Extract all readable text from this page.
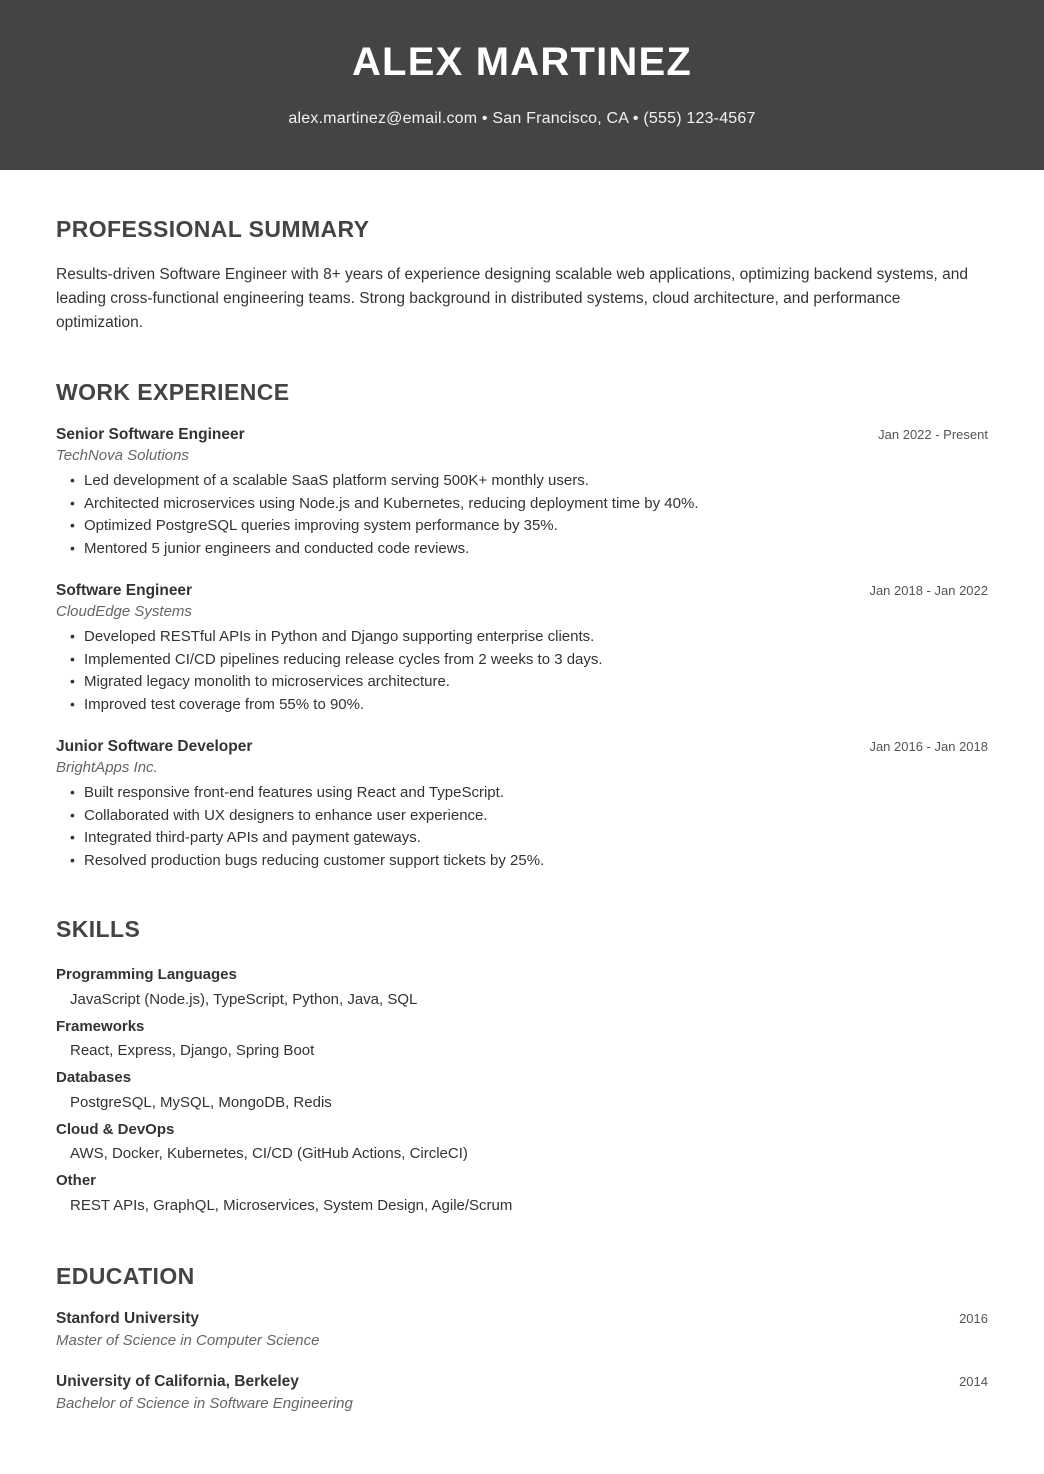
ALEX MARTINEZ
alex.martinez@email.com • San Francisco, CA • (555) 123-4567
PROFESSIONAL SUMMARY

Results-driven Software Engineer with 8+ years of experience designing scalable web applications, optimizing backend systems, and leading cross-functional engineering teams. Strong background in distributed systems, cloud architecture, and performance optimization.

WORK EXPERIENCE
Senior Software Engineer	Jan 2022 - Present
TechNova Solutions
• Led development of a scalable SaaS platform serving 500K+ monthly users.
• Architected microservices using Node.js and Kubernetes, reducing deployment time by 40%.
• Optimized PostgreSQL queries improving system performance by 35%.
• Mentored 5 junior engineers and conducted code reviews.
Software Engineer	Jan 2018 - Jan 2022
CloudEdge Systems
• Developed RESTful APIs in Python and Django supporting enterprise clients.
• Implemented CI/CD pipelines reducing release cycles from 2 weeks to 3 days.
• Migrated legacy monolith to microservices architecture.
• Improved test coverage from 55% to 90%.
Junior Software Developer	Jan 2016 - Jan 2018
BrightApps Inc.
• Built responsive front-end features using React and TypeScript.
• Collaborated with UX designers to enhance user experience.
• Integrated third-party APIs and payment gateways.
• Resolved production bugs reducing customer support tickets by 25%.
SKILLS
Programming Languages
JavaScript (Node.js), TypeScript, Python, Java, SQL
Frameworks
React, Express, Django, Spring Boot
Databases
PostgreSQL, MySQL, MongoDB, Redis
Cloud & DevOps
AWS, Docker, Kubernetes, CI/CD (GitHub Actions, CircleCI)
Other
REST APIs, GraphQL, Microservices, System Design, Agile/Scrum
EDUCATION
Stanford University	2016
Master of Science in Computer Science
University of California, Berkeley	2014
Bachelor of Science in Software Engineering
